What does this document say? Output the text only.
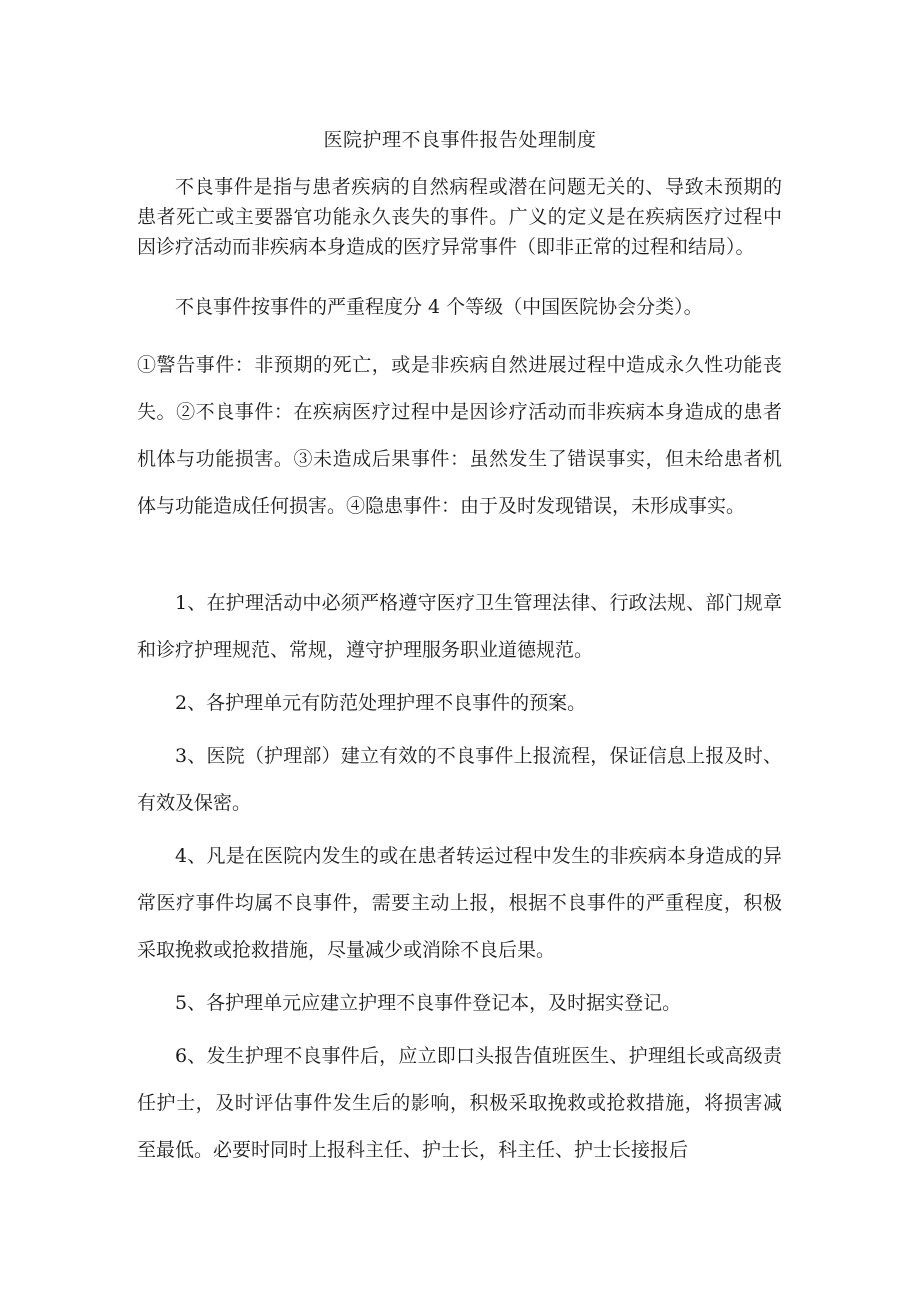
医院护理不良事件报告处理制度

不良事件是指与患者疾病的自然病程或潜在问题无关的、导致未预期的患者死亡或主要器官功能永久丧失的事件。广义的定义是在疾病医疗过程中因诊疗活动而非疾病本身造成的医疗异常事件（即非正常的过程和结局）。

不良事件按事件的严重程度分 4 个等级（中国医院协会分类）。

①警告事件：非预期的死亡，或是非疾病自然进展过程中造成永久性功能丧失。②不良事件：在疾病医疗过程中是因诊疗活动而非疾病本身造成的患者机体与功能损害。③未造成后果事件：虽然发生了错误事实，但未给患者机体与功能造成任何损害。④隐患事件：由于及时发现错误，未形成事实。

1、在护理活动中必须严格遵守医疗卫生管理法律、行政法规、部门规章和诊疗护理规范、常规，遵守护理服务职业道德规范。

2、各护理单元有防范处理护理不良事件的预案。

3、医院（护理部）建立有效的不良事件上报流程，保证信息上报及时、有效及保密。

4、凡是在医院内发生的或在患者转运过程中发生的非疾病本身造成的异常医疗事件均属不良事件，需要主动上报，根据不良事件的严重程度，积极采取挽救或抢救措施，尽量减少或消除不良后果。

5、各护理单元应建立护理不良事件登记本，及时据实登记。

6、发生护理不良事件后，应立即口头报告值班医生、护理组长或高级责任护士，及时评估事件发生后的影响，积极采取挽救或抢救措施，将损害减至最低。必要时同时上报科主任、护士长，科主任、护士长接报后
